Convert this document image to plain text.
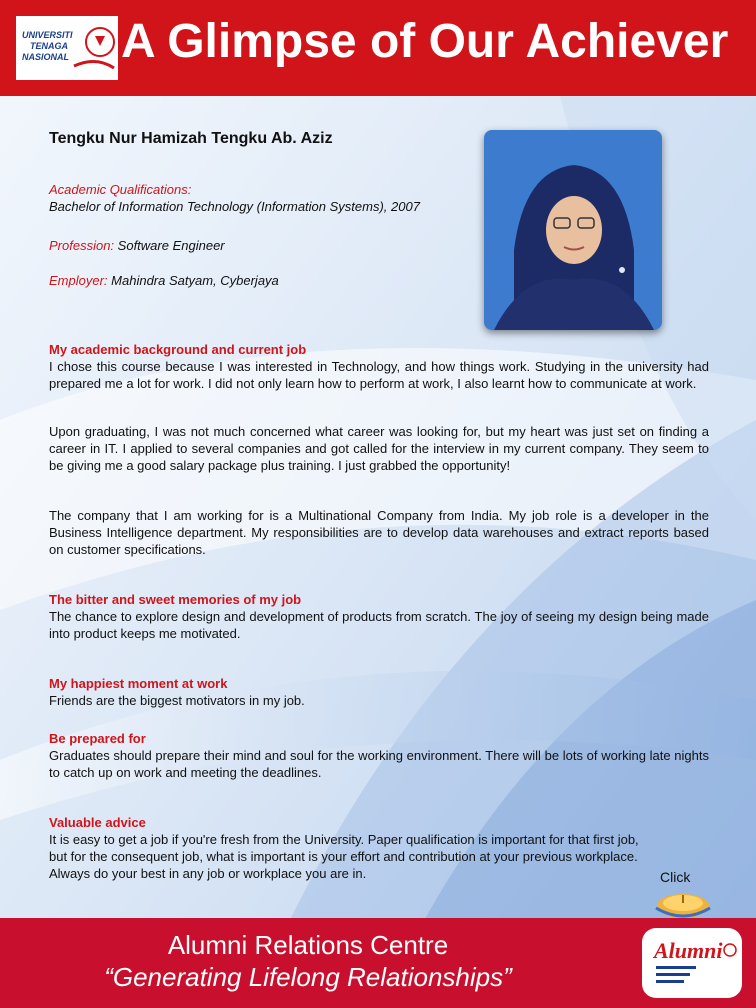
UNIVERSITI
TENAGA
NASIONAL A Glimpse of Our Achiever
Tengku Nur Hamizah Tengku Ab. Aziz
Academic Qualifications:
Bachelor of Information Technology (Information Systems), 2007
Profession: Software Engineer
Employer: Mahindra Satyam, Cyberjaya
My academic background and current job

I chose this course because I was interested in Technology, and how things work. Studying in the university had prepared me a lot for work. I did not only learn how to perform at work, I also learnt how to communicate at work.

Upon graduating, I was not much concerned what career was looking for, but my heart was just set on finding a career in IT. I applied to several companies and got called for the interview in my current company. They seem to be giving me a good salary package plus training. I just grabbed the opportunity!

The company that I am working for is a Multinational Company from India. My job role is a developer in the Business Intelligence department. My responsibilities are to develop data warehouses and extract reports based on customer specifications.

The bitter and sweet memories of my job

The chance to explore design and development of products from scratch. The joy of seeing my design being made into product keeps me motivated.

My happiest moment at work

Friends are the biggest motivators in my job.

Be prepared for

Graduates should prepare their mind and soul for the working environment. There will be lots of working late nights to catch up on work and meeting the deadlines.

Valuable advice
It is easy to get a job if you're fresh from the University. Paper qualification is important for that first job,
but for the consequent job, what is important is your effort and contribution at your previous workplace.
Always do your best in any job or workplace you are in.	Click
Alumni Relations Centre
“Generating Lifelong Relationships”
Alumni
